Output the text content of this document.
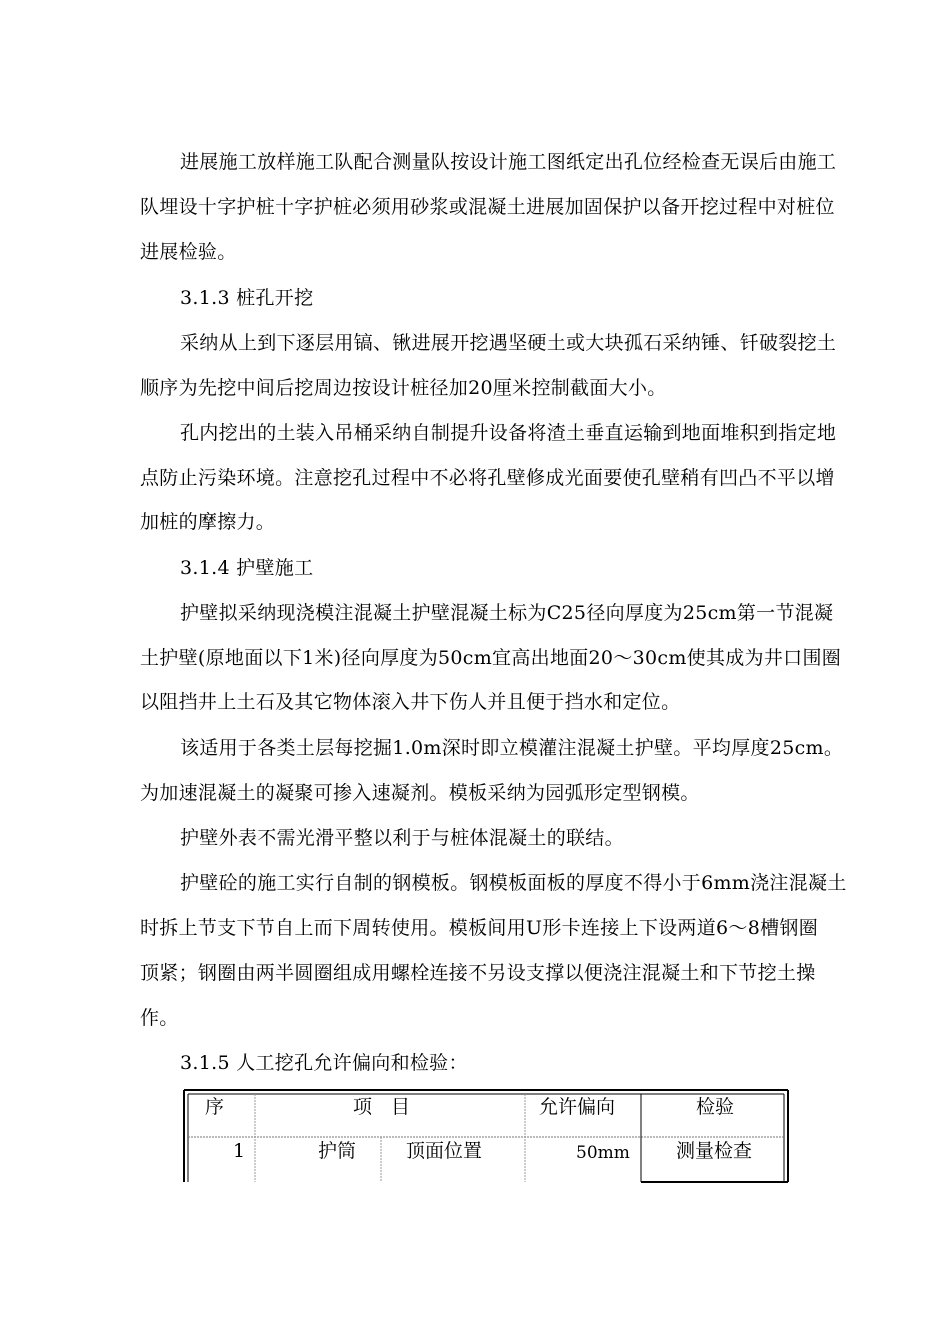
进展施工放样施工队配合测量队按设计施工图纸定出孔位经检查无误后由施工
队埋设十字护桩十字护桩必须用砂浆或混凝土进展加固保护以备开挖过程中对桩位
进展检验。
3.1.3 桩孔开挖
采纳从上到下逐层用镐、锹进展开挖遇坚硬土或大块孤石采纳锤、钎破裂挖土
顺序为先挖中间后挖周边按设计桩径加20厘米控制截面大小。
孔内挖出的土装入吊桶采纳自制提升设备将渣土垂直运输到地面堆积到指定地
点防止污染环境。注意挖孔过程中不必将孔壁修成光面要使孔壁稍有凹凸不平以增
加桩的摩擦力。
3.1.4 护壁施工
护壁拟采纳现浇模注混凝土护壁混凝土标为C25径向厚度为25cm第一节混凝
土护壁(原地面以下1米)径向厚度为50cm宜高出地面20～30cm使其成为井口围圈
以阻挡井上土石及其它物体滚入井下伤人并且便于挡水和定位。
该适用于各类土层每挖掘1.0m深时即立模灌注混凝土护壁。平均厚度25cm。
为加速混凝土的凝聚可掺入速凝剂。模板采纳为园弧形定型钢模。
护壁外表不需光滑平整以利于与桩体混凝土的联结。
护壁砼的施工实行自制的钢模板。钢模板面板的厚度不得小于6mm浇注混凝土
时拆上节支下节自上而下周转使用。模板间用U形卡连接上下设两道6～8槽钢圈
顶紧；钢圈由两半圆圈组成用螺栓连接不另设支撑以便浇注混凝土和下节挖土操
作。
3.1.5 人工挖孔允许偏向和检验：
序	项　目	允许偏向	检验
1	护筒	顶面位置	50mm 测量检查
